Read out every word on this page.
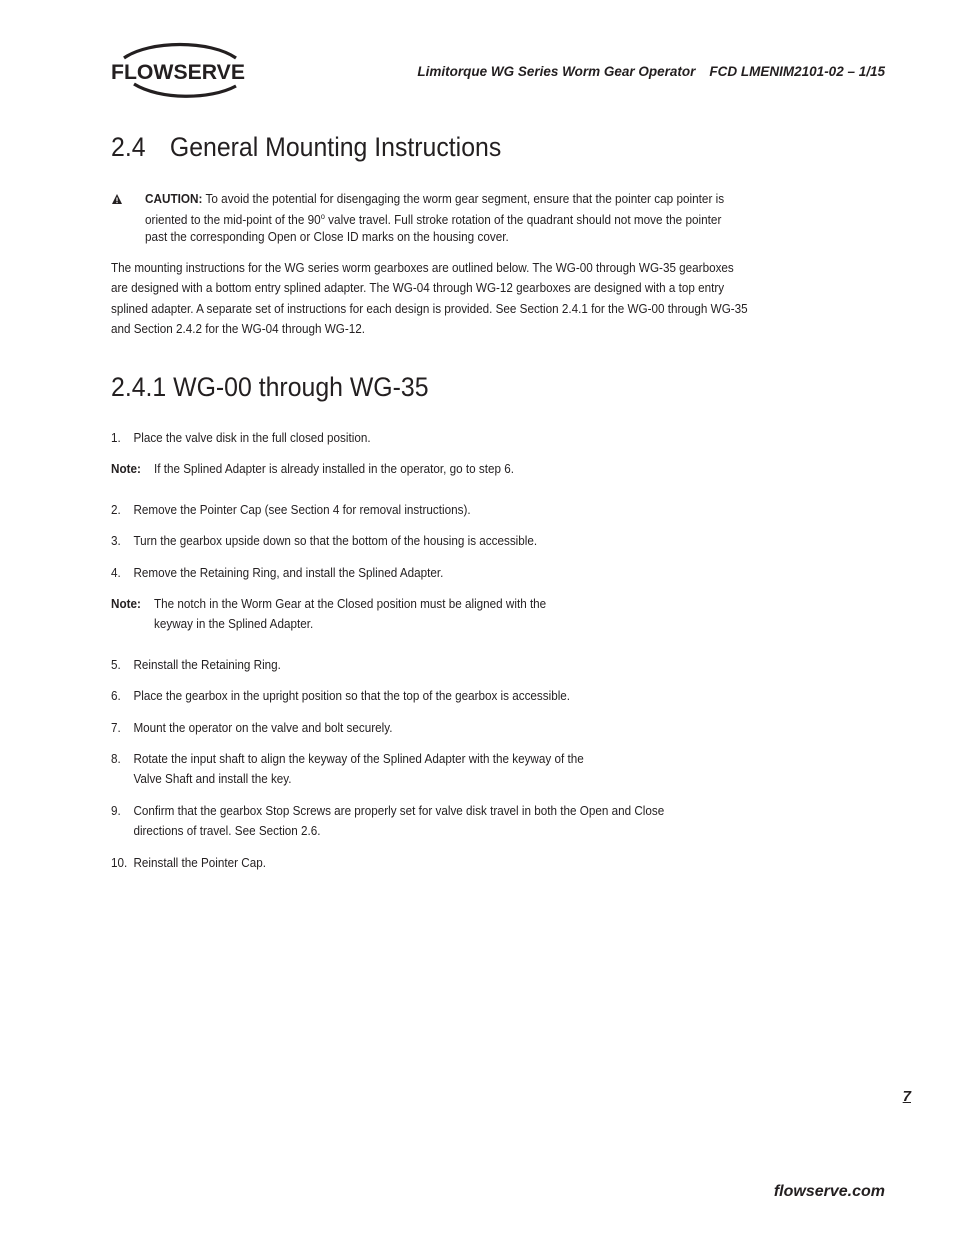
FLOWSERVE	Limitorque WG Series Worm Gear Operator FCD LMENIM2101-02 – 1/15
2.4 General Mounting Instructions
CAUTION: To avoid the potential for disengaging the worm gear segment, ensure that the pointer cap pointer is oriented to the mid-point of the 90$^o$ valve travel. Full stroke rotation of the quadrant should not move the pointer past the corresponding Open or Close ID marks on the housing cover.
The mounting instructions for the WG series worm gearboxes are outlined below. The WG-00 through WG-35 gearboxes
are designed with a bottom entry splined adapter. The WG-04 through WG-12 gearboxes are designed with a top entry
splined adapter. A separate set of instructions for each design is provided. See Section 2.4.1 for the WG-00 through WG-35
and Section 2.4.2 for the WG-04 through WG-12.
2.4.1 WG-00 through WG-35
1. Place the valve disk in the full closed position.
Note: If the Splined Adapter is already installed in the operator, go to step 6.
2. Remove the Pointer Cap (see Section 4 for removal instructions).
3. Turn the gearbox upside down so that the bottom of the housing is accessible.
4. Remove the Retaining Ring, and install the Splined Adapter.
Note: The notch in the Worm Gear at the Closed position must be aligned with the
keyway in the Splined Adapter.
5. Reinstall the Retaining Ring.
6. Place the gearbox in the upright position so that the top of the gearbox is accessible.
7. Mount the operator on the valve and bolt securely.
8. Rotate the input shaft to align the keyway of the Splined Adapter with the keyway of the
Valve Shaft and install the key.
9. Confirm that the gearbox Stop Screws are properly set for valve disk travel in both the Open and Close
directions of travel. See Section 2.6.
10. Reinstall the Pointer Cap.
7
flowserve.com
